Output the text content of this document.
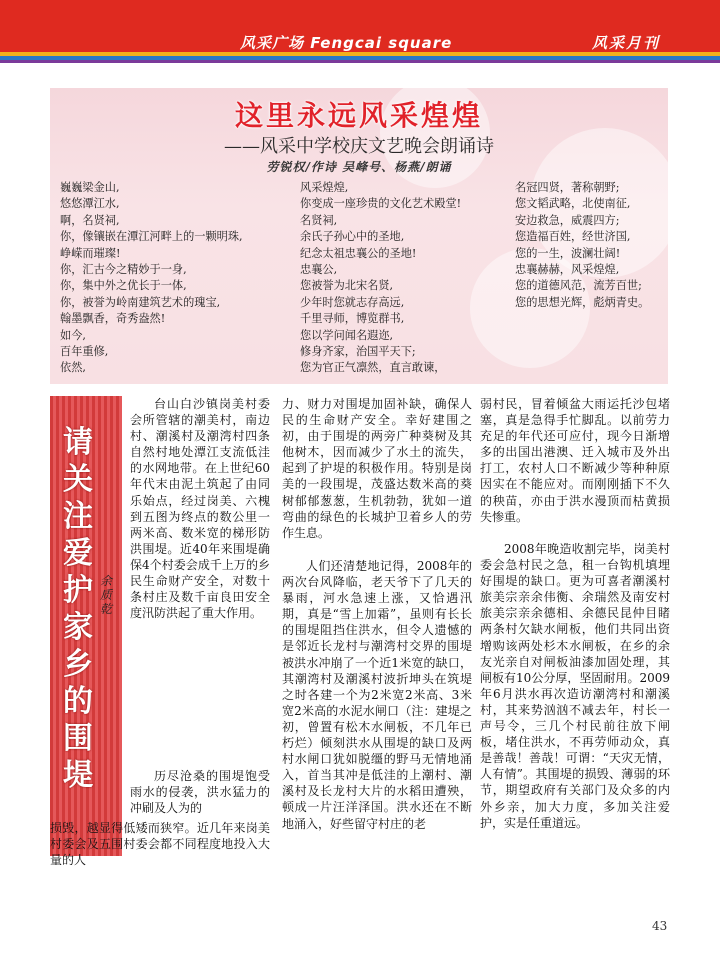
风采广场 Fengcai square	风采月刊
这里永远风采煌煌
——风采中学校庆文艺晚会朗诵诗
劳锐权/作诗 吴峰号、杨燕/朗诵
巍巍梁金山,
悠悠潭江水,
啊，名贤祠,
你，像镶嵌在潭江河畔上的一颗明珠,
峥嵘而璀璨!
你，汇古今之精妙于一身,
你，集中外之优长于一体,
你，被誉为岭南建筑艺术的瑰宝,
翰墨飘香，奇秀盎然!
如今,
百年重修,
依然,
风采煌煌,
你变成一座珍贵的文化艺术殿堂!
名贤祠,
余氏子孙心中的圣地,
纪念太祖忠襄公的圣地!
忠襄公,
您被誉为北宋名贤,
少年时您就志存高远,
千里寻师，博览群书,
您以学问闻名遐迩,
修身齐家，治国平天下;
您为官正气凛然，直言敢谏，
名冠四贤，著称朝野;
您文韬武略，北使南征,
安边救急，威震四方;
您造福百姓，经世济国,
您的一生，波澜壮阔!
忠襄赫赫，风采煌煌,
您的道德风范，流芳百世;
您的思想光辉，彪炳青史。
请关注爱护家乡的围堤
余质乾
台山白沙镇岗美村委会所管辖的潮美村，南边村、潮溪村及潮湾村四条自然村地处潭江支流低洼的水网地带。在上世纪60年代末由泥土筑起了由同乐始点，经过岗美、六槐到五图为终点的数公里一两米高、数米宽的梯形防洪围堤。近40年来围堤确保4个村委会成千上万的乡民生命财产安全，对数十条村庄及数千亩良田安全度汛防洪起了重大作用。
历尽沧桑的围堤饱受雨水的侵袭，洪水猛力的冲刷及人为的
损毁，越显得低矮而狭窄。近几年来岗美村委会及五围村委会都不同程度地投入大量的人
力、财力对围堤加固补缺，确保人民的生命财产安全。幸好建围之初，由于围堤的两旁广种葵树及其他树木，因而减少了水土的流失，起到了护堤的积极作用。特别是岗美的一段围堤，茂盛达数米高的葵树郁郁葱葱，生机勃勃，犹如一道弯曲的绿色的长城护卫着乡人的劳作生息。
人们还清楚地记得，2008年的两次台风降临，老天爷下了几天的暴雨，河水急速上涨，又恰遇汛期，真是“雪上加霜”，虽则有长长的围堤阻挡住洪水，但令人遗憾的是邻近长龙村与潮湾村交界的围堤被洪水冲崩了一个近1米宽的缺口，其潮湾村及潮溪村波折坤头在筑堤之时各建一个为2米宽2米高、3米宽2米高的水泥水闸口（注：建堤之初，曾置有松木水闸板，不几年已朽烂）倾刻洪水从围堤的缺口及两村水闸口犹如脱缰的野马无情地涌入，首当其冲是低洼的上潮村、潮溪村及长龙村大片的水稻田遭殃，顿成一片汪洋泽国。洪水还在不断地涌入，好些留守村庄的老
弱村民，冒着倾盆大雨运托沙包堵塞，真是急得手忙脚乱。以前劳力充足的年代还可应付，现今日渐增多的出国出港澳、迁入城市及外出打工，农村人口不断减少等种种原因实在不能应对。而刚刚插下不久的秧苗，亦由于洪水漫顶而枯黄损失惨重。
2008年晚造收割完毕，岗美村委会急村民之急，租一台钩机填埋好围堤的缺口。更为可喜者潮溪村旅美宗亲余伟衡、余瑞然及南安村旅美宗亲余德相、余德民昆仲目睹两条村欠缺水闸板，他们共同出资增购该两处杉木水闸板，在乡的余友光亲自对闸板油漆加固处理，其闸板有10公分厚，坚固耐用。2009年6月洪水再次造访潮湾村和潮溪村，其来势汹汹不减去年，村长一声号令，三几个村民前往放下闸板，堵住洪水，不再劳师动众，真是善哉！善哉！可谓：“天灾无情，人有情”。其围堤的损毁、薄弱的环节，期望政府有关部门及众多的内外乡亲，加大力度，多加关注爱护，实是任重道远。
43
